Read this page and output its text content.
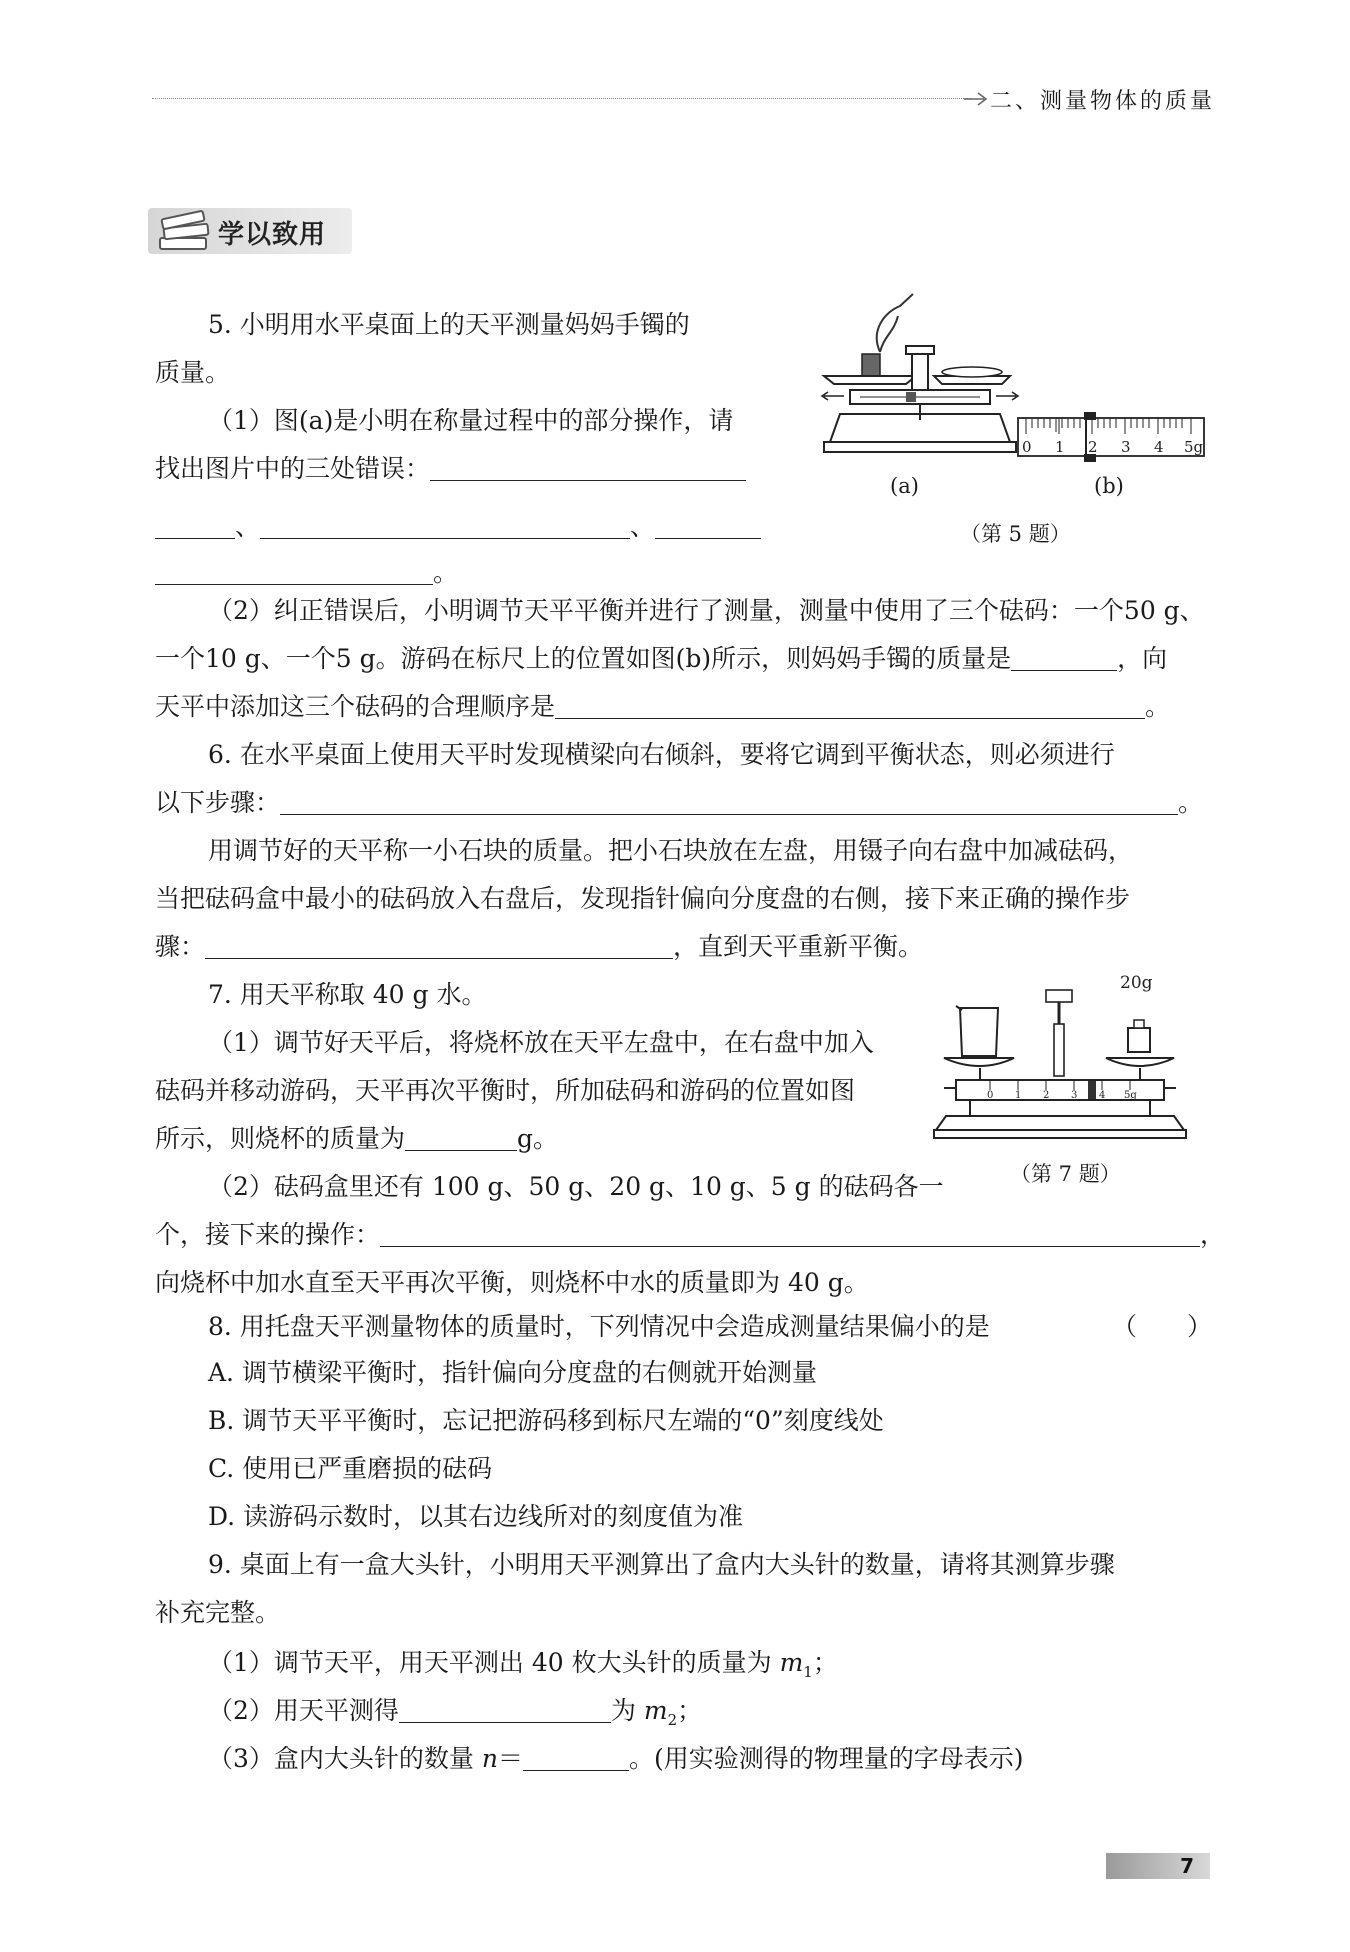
二、测量物体的质量
学以致用
5. 小明用水平桌面上的天平测量妈妈手镯的
质量。
（1）图(a)是小明在称量过程中的部分操作，请
找出图片中的三处错误：
、	、
。
(a)
0 1 2 3 4 5g
(b)
（第 5 题）
（2）纠正错误后，小明调节天平平衡并进行了测量，测量中使用了三个砝码：一个50 g、
一个10 g、一个5 g。游码在标尺上的位置如图(b)所示，则妈妈手镯的质量是	，向
天平中添加这三个砝码的合理顺序是	。
6. 在水平桌面上使用天平时发现横梁向右倾斜，要将它调到平衡状态，则必须进行
以下步骤：	。
用调节好的天平称一小石块的质量。把小石块放在左盘，用镊子向右盘中加减砝码，
当把砝码盒中最小的砝码放入右盘后，发现指针偏向分度盘的右侧，接下来正确的操作步
骤：	，直到天平重新平衡。
7. 用天平称取 40 g 水。
（1）调节好天平后，将烧杯放在天平左盘中，在右盘中加入
砝码并移动游码，天平再次平衡时，所加砝码和游码的位置如图
所示，则烧杯的质量为	g。
（2）砝码盒里还有 100 g、50 g、20 g、10 g、5 g 的砝码各一
个，接下来的操作：	，
向烧杯中加水直至天平再次平衡，则烧杯中水的质量即为 40 g。
20g
0 1 2 3 4 5g
（第 7 题）
8. 用托盘天平测量物体的质量时，下列情况中会造成测量结果偏小的是	（　　）
A. 调节横梁平衡时，指针偏向分度盘的右侧就开始测量
B. 调节天平平衡时，忘记把游码移到标尺左端的“0”刻度线处
C. 使用已严重磨损的砝码
D. 读游码示数时，以其右边线所对的刻度值为准
9. 桌面上有一盒大头针，小明用天平测算出了盒内大头针的数量，请将其测算步骤
补充完整。
（1）调节天平，用天平测出 40 枚大头针的质量为 $m_1$；
（2）用天平测得	为 $m_2$；
（3）盒内大头针的数量 n＝	。(用实验测得的物理量的字母表示)
7
